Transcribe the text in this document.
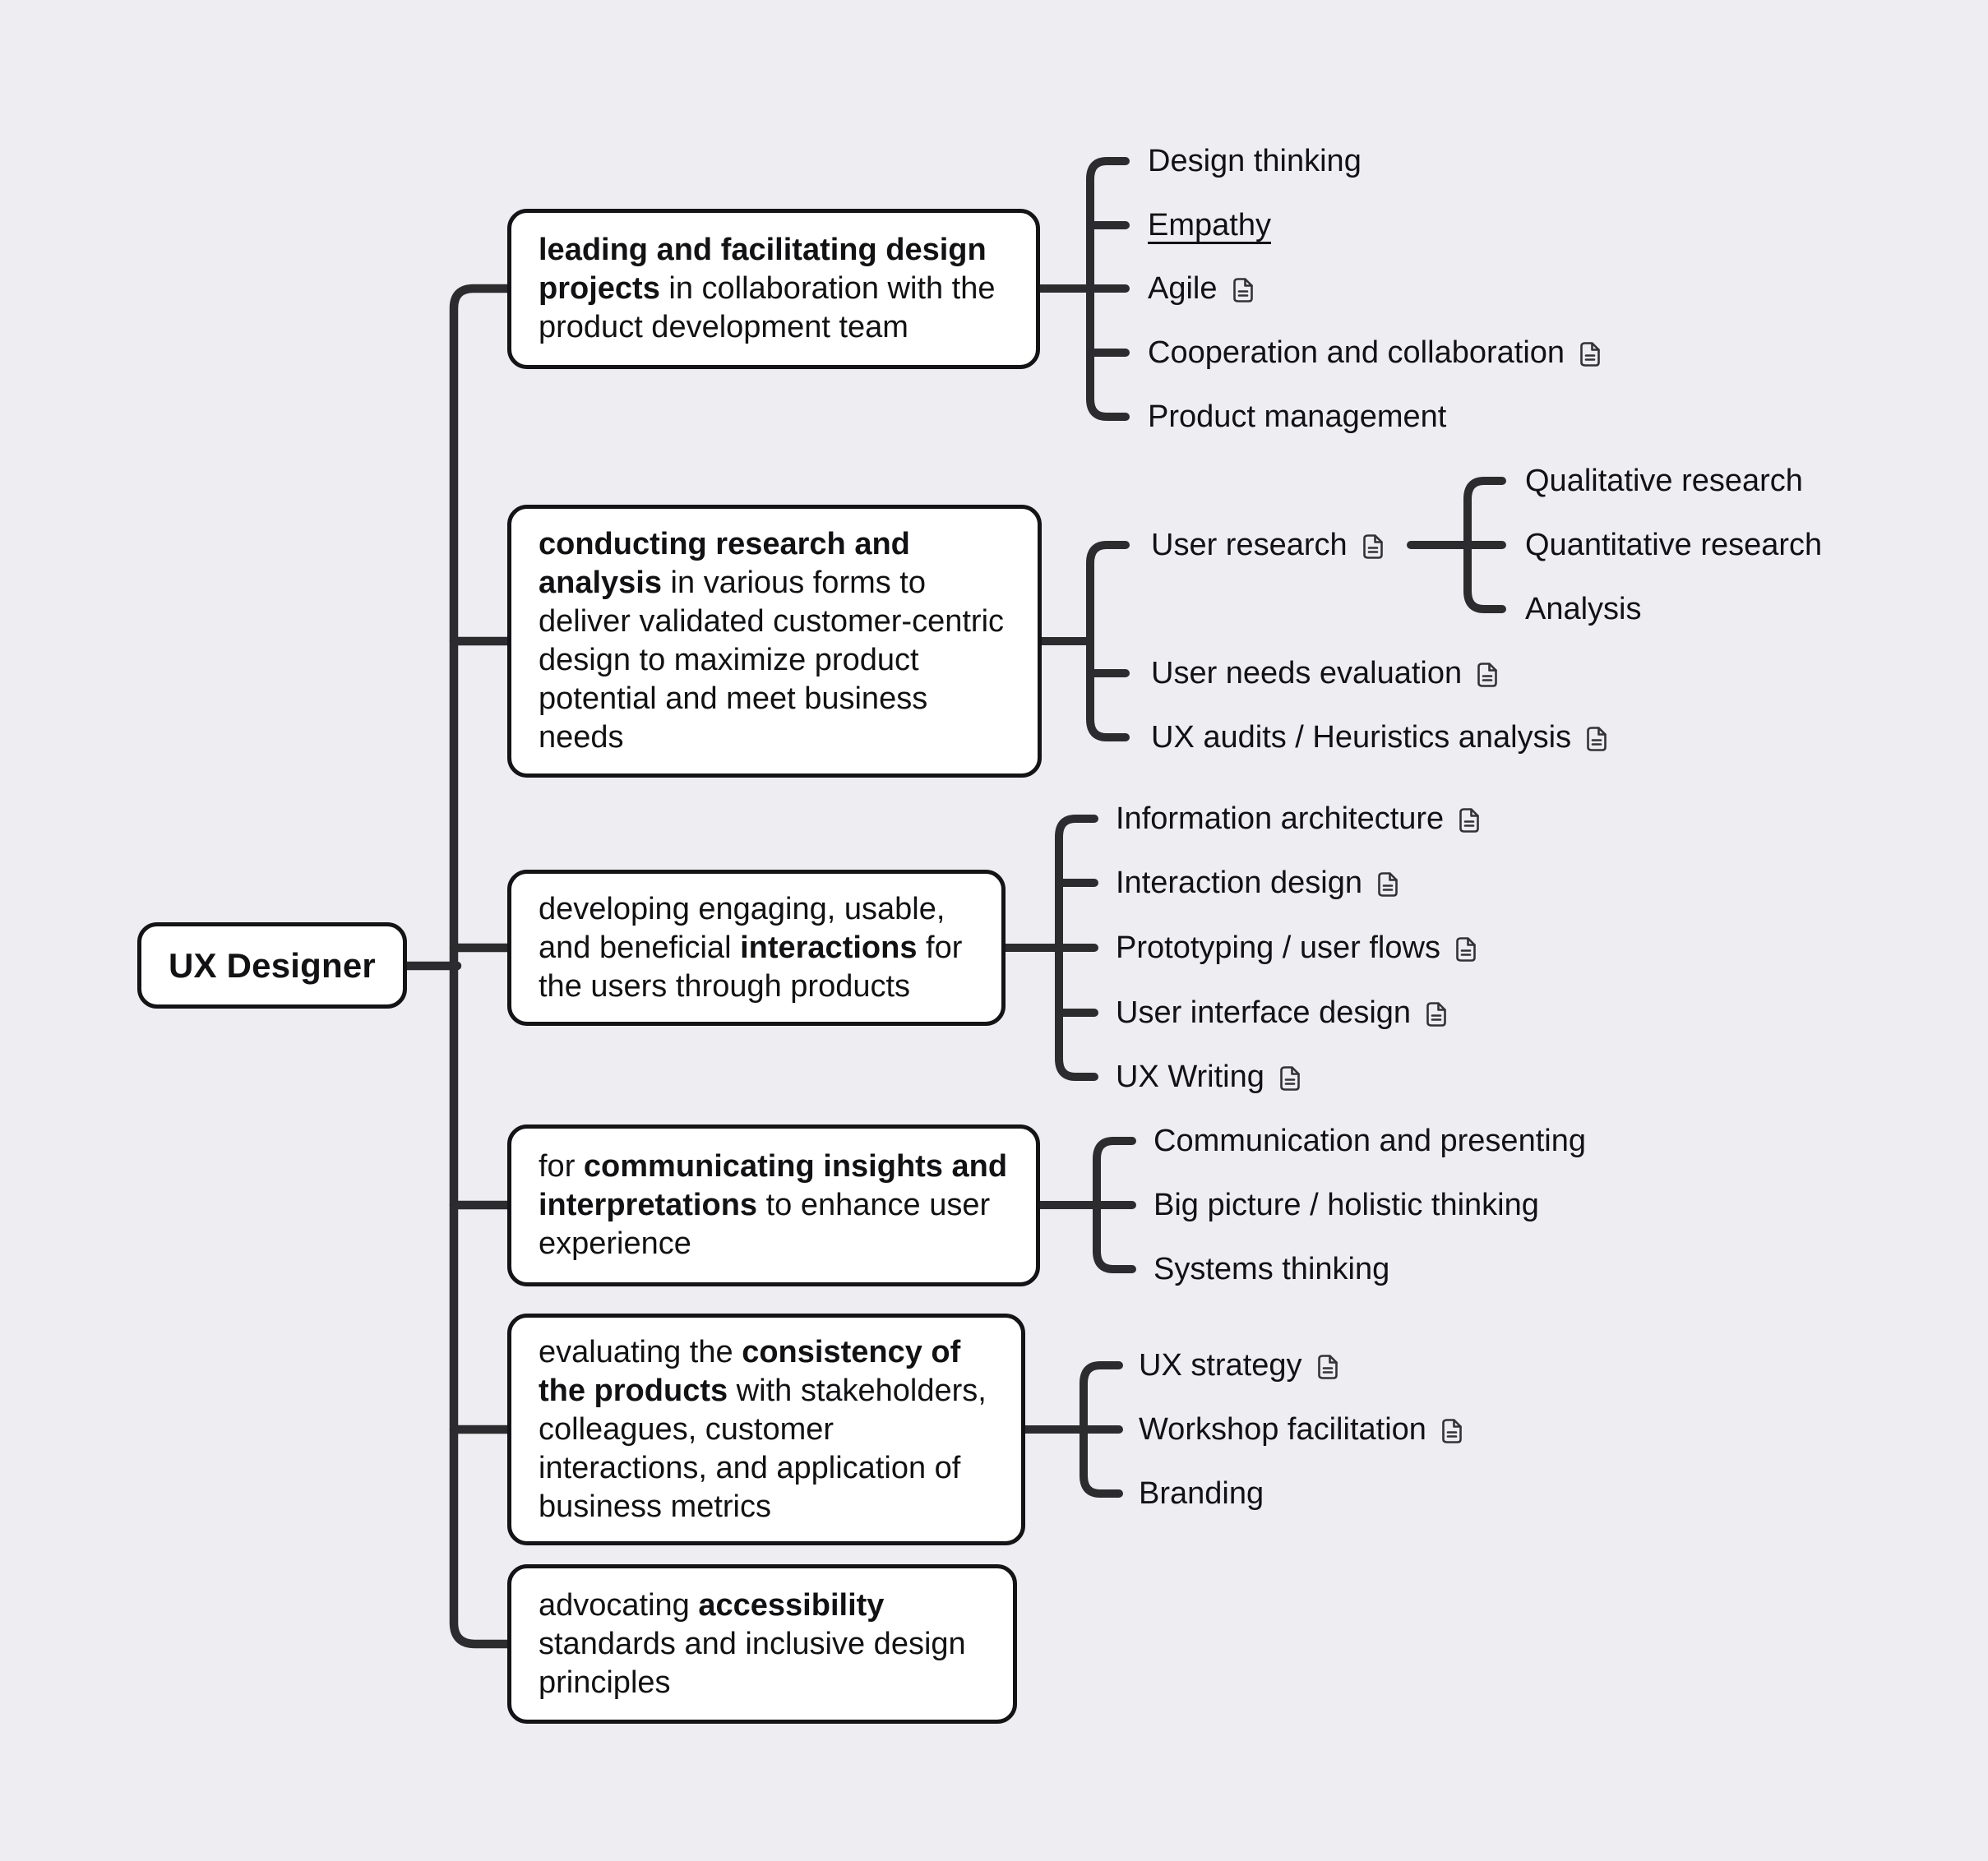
UX Designer
leading and facilitating design projects in collaboration with the product development team
conducting research and analysis in various forms to deliver validated customer-centric design to maximize product potential and meet business needs
developing engaging, usable, and beneficial interactions for the users through products
for communicating insights and interpretations to enhance user experience
evaluating the consistency of the products with stakeholders, colleagues, customer interactions, and application of business metrics
advocating accessibility standards and inclusive design principles
Design thinking
Empathy
Agile
Cooperation and collaboration
Product management
User research
Qualitative research
Quantitative research
Analysis
User needs evaluation
UX audits / Heuristics analysis
Information architecture
Interaction design
Prototyping / user flows
User interface design
UX Writing
Communication and presenting
Big picture / holistic thinking
Systems thinking
UX strategy
Workshop facilitation
Branding
